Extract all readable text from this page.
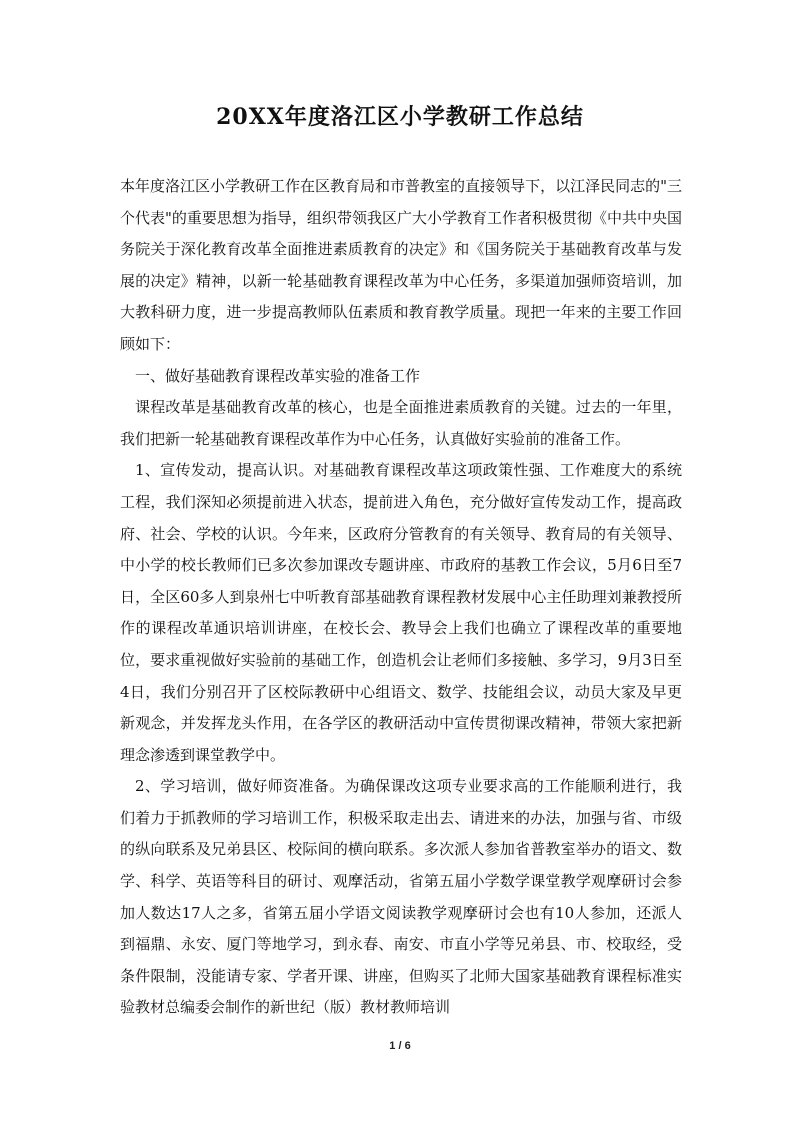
20XX年度洛江区小学教研工作总结

本年度洛江区小学教研工作在区教育局和市普教室的直接领导下，以江泽民同志的"三个代表"的重要思想为指导，组织带领我区广大小学教育工作者积极贯彻《中共中央国务院关于深化教育改革全面推进素质教育的决定》和《国务院关于基础教育改革与发展的决定》精神，以新一轮基础教育课程改革为中心任务，多渠道加强师资培训，加大教科研力度，进一步提高教师队伍素质和教育教学质量。现把一年来的主要工作回顾如下：

一、做好基础教育课程改革实验的准备工作

课程改革是基础教育改革的核心，也是全面推进素质教育的关键。过去的一年里，我们把新一轮基础教育课程改革作为中心任务，认真做好实验前的准备工作。

1、宣传发动，提高认识。对基础教育课程改革这项政策性强、工作难度大的系统工程，我们深知必须提前进入状态，提前进入角色，充分做好宣传发动工作，提高政府、社会、学校的认识。今年来，区政府分管教育的有关领导、教育局的有关领导、中小学的校长教师们已多次参加课改专题讲座、市政府的基教工作会议，5月6日至7日，全区60多人到泉州七中听教育部基础教育课程教材发展中心主任助理刘兼教授所作的课程改革通识培训讲座，在校长会、教导会上我们也确立了课程改革的重要地位，要求重视做好实验前的基础工作，创造机会让老师们多接触、多学习，9月3日至4日，我们分别召开了区校际教研中心组语文、数学、技能组会议，动员大家及早更新观念，并发挥龙头作用，在各学区的教研活动中宣传贯彻课改精神，带领大家把新理念渗透到课堂教学中。

2、学习培训，做好师资准备。为确保课改这项专业要求高的工作能顺利进行，我们着力于抓教师的学习培训工作，积极采取走出去、请进来的办法，加强与省、市级的纵向联系及兄弟县区、校际间的横向联系。多次派人参加省普教室举办的语文、数学、科学、英语等科目的研讨、观摩活动，省第五届小学数学课堂教学观摩研讨会参加人数达17人之多，省第五届小学语文阅读教学观摩研讨会也有10人参加，还派人到福鼎、永安、厦门等地学习，到永春、南安、市直小学等兄弟县、市、校取经，受条件限制，没能请专家、学者开课、讲座，但购买了北师大国家基础教育课程标准实验教材总编委会制作的新世纪（版）教材教师培训

1 / 6
